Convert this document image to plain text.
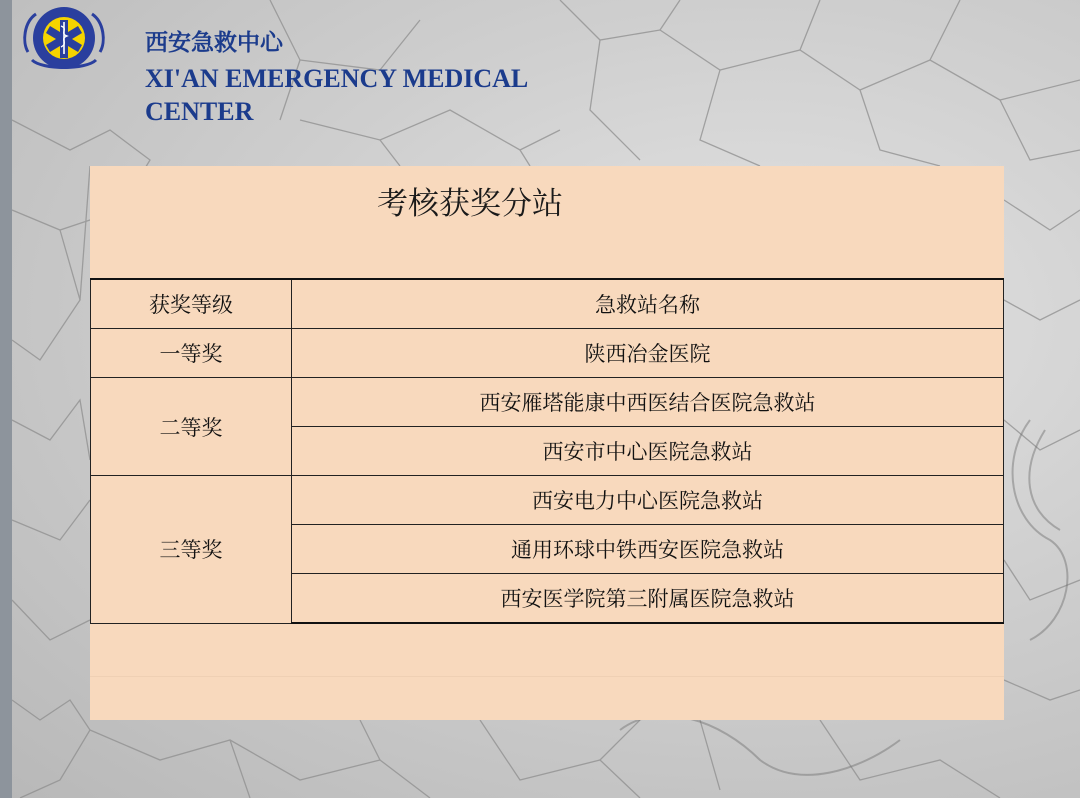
西安急救中心
XI'AN EMERGENCY MEDICAL CENTER
考核获奖分站
获奖等级	急救站名称
一等奖	陕西冶金医院
二等奖	西安雁塔能康中西医结合医院急救站
	西安市中心医院急救站
三等奖	西安电力中心医院急救站
	通用环球中铁西安医院急救站
	西安医学院第三附属医院急救站
